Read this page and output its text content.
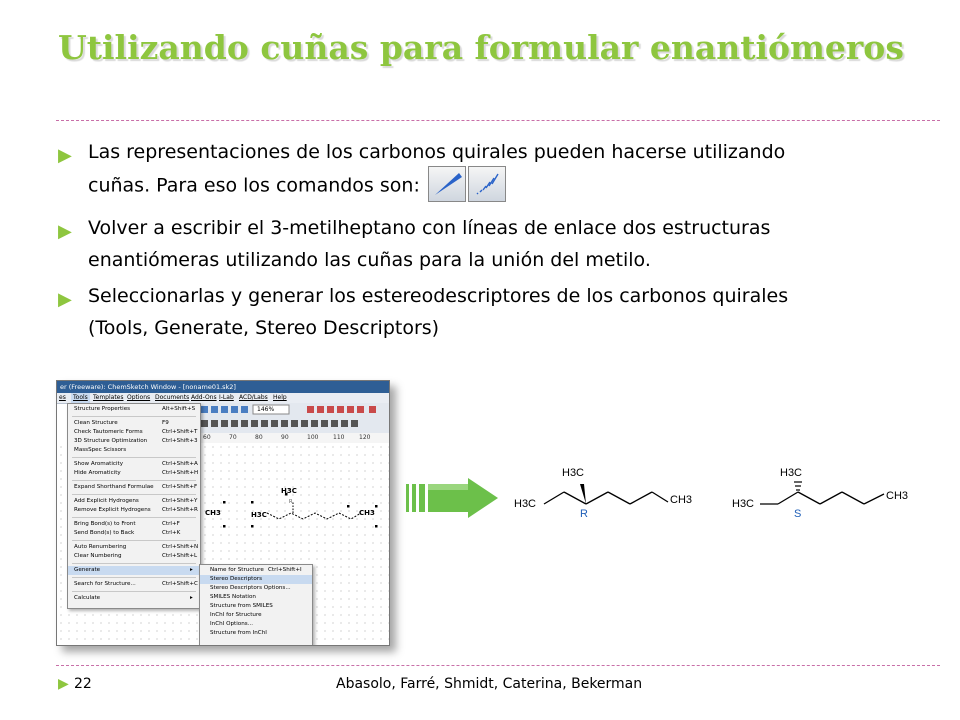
Utilizando cuñas para formular enantiómeros
▶ Las representaciones de los carbonos quirales pueden hacerse utilizando
cuñas. Para eso los comandos son:
▶ Volver a escribir el 3-metilheptano con líneas de enlace dos estructuras
enantiómeras utilizando las cuñas para la unión del metilo.
▶ Seleccionarlas y generar los estereodescriptores de los carbonos quirales
(Tools, Generate, Stereo Descriptors)
er (Freeware): ChemSketch Window - [noname01.sk2]
es	Tools Templates Options Documents Add-Ons I-Lab ACD/Labs Help
146%
60	70	80	90	100 110 120
CH3	H3C
H3C
CH3
R
Structure Properties	Alt+Shift+S
Clean Structure	F9
Check Tautomeric Forms	Ctrl+Shift+T
3D Structure Optimization	Ctrl+Shift+3
MassSpec Scissors
Show Aromaticity	Ctrl+Shift+A
Hide Aromaticity	Ctrl+Shift+H
Expand Shorthand Formulae Ctrl+Shift+F
Add Explicit Hydrogens	Ctrl+Shift+Y
Remove Explicit Hydrogens Ctrl+Shift+R
Bring Bond(s) to Front	Ctrl+F
Send Bond(s) to Back	Ctrl+K
Auto Renumbering	Ctrl+Shift+N
Clear Numbering	Ctrl+Shift+L
Generate	▸
Search for Structure...	Ctrl+Shift+C
Calculate	▸
Name for Structure Ctrl+Shift+I
Stereo Descriptors
Stereo Descriptors Options...
SMILES Notation
Structure from SMILES
InChI for Structure
InChI Options...
Structure from InChI
H3C
H3C	CH3
R
H3C
H3C
CH3
S
▶ 22	Abasolo, Farré, Shmidt, Caterina, Bekerman
